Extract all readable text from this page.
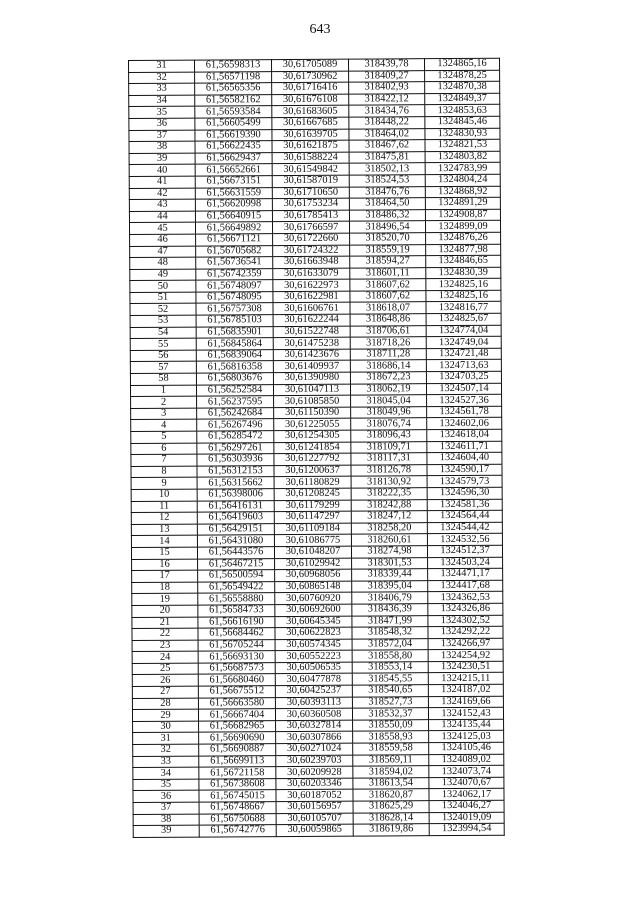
643
31	61,56598313	30,61705089	318439,78	1324865,16
32	61,56571198	30,61730962	318409,27	1324878,25
33	61,56565356	30,61716416	318402,93	1324870,38
34	61,56582162	30,61676108	318422,12	1324849,37
35	61,56593584	30,61683605	318434,76	1324853,63
36	61,56605499	30,61667685	318448,22	1324845,46
37	61,56619390	30,61639705	318464,02	1324830,93
38	61,56622435	30,61621875	318467,62	1324821,53
39	61,56629437	30,61588224	318475,81	1324803,82
40	61,56652661	30,61549842	318502,13	1324783,99
41	61,56673151	30,61587019	318524,53	1324804,24
42	61,56631559	30,61710650	318476,76	1324868,92
43	61,56620998	30,61753234	318464,50	1324891,29
44	61,56640915	30,61785413	318486,32	1324908,87
45	61,56649892	30,61766597	318496,54	1324899,09
46	61,56671121	30,61722660	318520,70	1324876,26
47	61,56705682	30,61724322	318559,19	1324877,98
48	61,56736541	30,61663948	318594,27	1324846,65
49	61,56742359	30,61633079	318601,11	1324830,39
50	61,56748097	30,61622973	318607,62	1324825,16
51	61,56748095	30,61622981	318607,62	1324825,16
52	61,56757308	30,61606761	318618,07	1324816,77
53	61,56785103	30,61622244	318648,86	1324825,67
54	61,56835901	30,61522748	318706,61	1324774,04
55	61,56845864	30,61475238	318718,26	1324749,04
56	61,56839064	30,61423676	318711,28	1324721,48
57	61,56816358	30,61409937	318686,14	1324713,63
58	61,56803676	30,61390980	318672,23	1324703,25
1	61,56252584	30,61047113	318062,19	1324507,14
2	61,56237595	30,61085850	318045,04	1324527,36
3	61,56242684	30,61150390	318049,96	1324561,78
4	61,56267496	30,61225055	318076,74	1324602,06
5	61,56285472	30,61254305	318096,43	1324618,04
6	61,56297261	30,61241854	318109,71	1324611,71
7	61,56303936	30,61227792	318117,31	1324604,40
8	61,56312153	30,61200637	318126,78	1324590,17
9	61,56315662	30,61180829	318130,92	1324579,73
10	61,56398006	30,61208245	318222,35	1324596,30
11	61,56416131	30,61179299	318242,88	1324581,36
12	61,56419603	30,61147297	318247,12	1324564,44
13	61,56429151	30,61109184	318258,20	1324544,42
14	61,56431080	30,61086775	318260,61	1324532,56
15	61,56443576	30,61048207	318274,98	1324512,37
16	61,56467215	30,61029942	318301,53	1324503,24
17	61,56500594	30,60968056	318339,44	1324471,17
18	61,56549422	30,60865148	318395,04	1324417,68
19	61,56558880	30,60760920	318406,79	1324362,53
20	61,56584733	30,60692600	318436,39	1324326,86
21	61,56616190	30,60645345	318471,99	1324302,52
22	61,56684462	30,60622823	318548,32	1324292,22
23	61,56705244	30,60574345	318572,04	1324266,97
24	61,56693130	30,60552223	318558,80	1324254,92
25	61,56687573	30,60506535	318553,14	1324230,51
26	61,56680460	30,60477878	318545,55	1324215,11
27	61,56675512	30,60425237	318540,65	1324187,02
28	61,56663580	30,60393113	318527,73	1324169,66
29	61,56667404	30,60360508	318532,37	1324152,43
30	61,56682965	30,60327814	318550,09	1324135,44
31	61,56690690	30,60307866	318558,93	1324125,03
32	61,56690887	30,60271024	318559,58	1324105,46
33	61,56699113	30,60239703	318569,11	1324089,02
34	61,56721158	30,60209928	318594,02	1324073,74
35	61,56738608	30,60203346	318613,54	1324070,67
36	61,56745015	30,60187052	318620,87	1324062,17
37	61,56748667	30,60156957	318625,29	1324046,27
38	61,56750688	30,60105707	318628,14	1324019,09
39	61,56742776	30,60059865	318619,86	1323994,54
